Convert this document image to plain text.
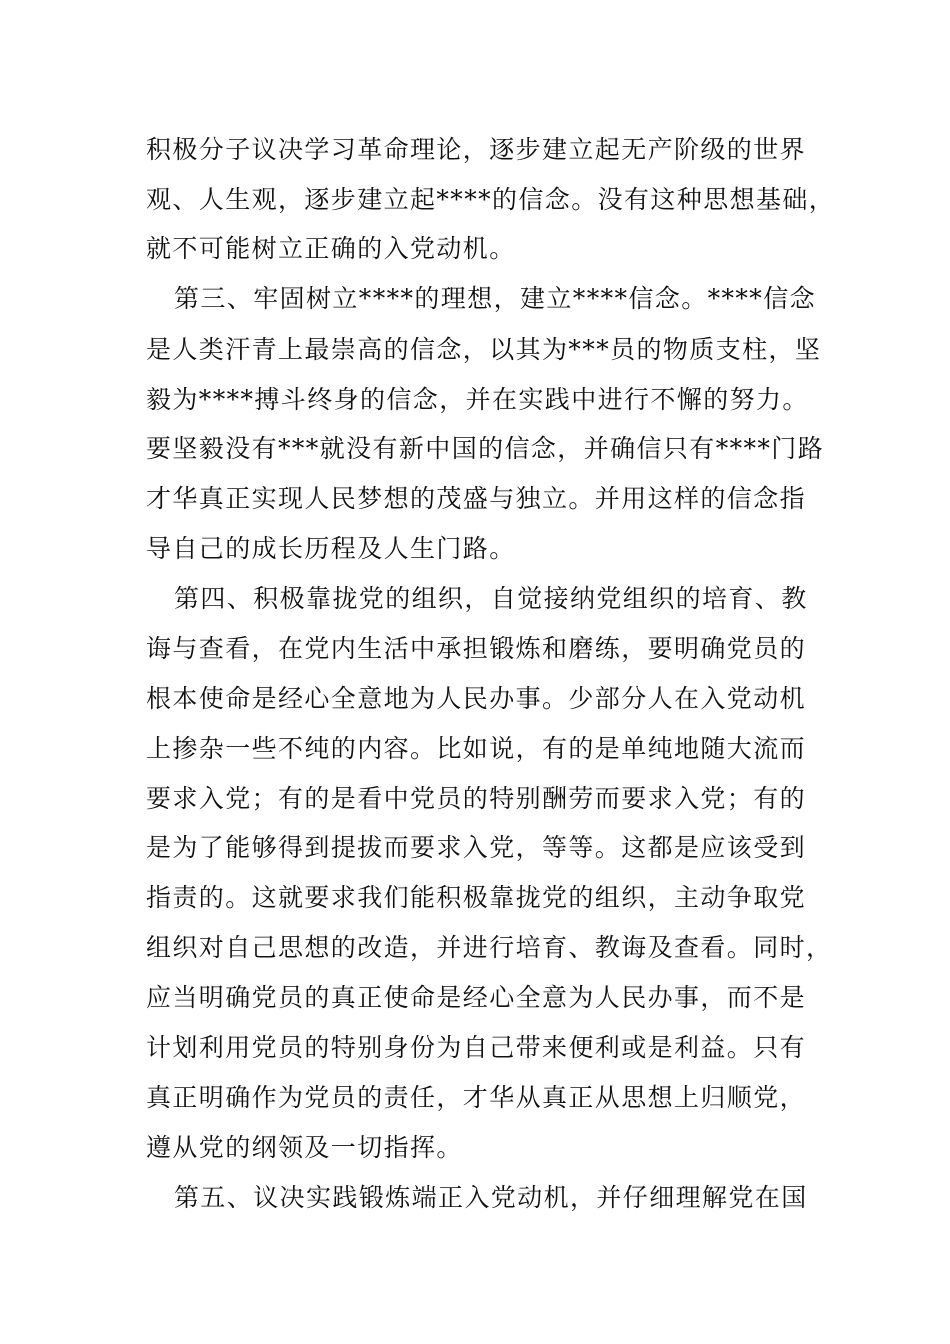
积极分子议决学习革命理论，逐步建立起无产阶级的世界
观、人生观，逐步建立起****的信念。没有这种思想基础，
就不可能树立正确的入党动机。
第三、牢固树立****的理想，建立****信念。****信念
是人类汗青上最崇高的信念，以其为***员的物质支柱，坚
毅为****搏斗终身的信念，并在实践中进行不懈的努力。
要坚毅没有***就没有新中国的信念，并确信只有****门路
才华真正实现人民梦想的茂盛与独立。并用这样的信念指
导自己的成长历程及人生门路。
第四、积极靠拢党的组织，自觉接纳党组织的培育、教
诲与查看，在党内生活中承担锻炼和磨练，要明确党员的
根本使命是经心全意地为人民办事。少部分人在入党动机
上掺杂一些不纯的内容。比如说，有的是单纯地随大流而
要求入党；有的是看中党员的特别酬劳而要求入党；有的
是为了能够得到提拔而要求入党，等等。这都是应该受到
指责的。这就要求我们能积极靠拢党的组织，主动争取党
组织对自己思想的改造，并进行培育、教诲及查看。同时，
应当明确党员的真正使命是经心全意为人民办事，而不是
计划利用党员的特别身份为自己带来便利或是利益。只有
真正明确作为党员的责任，才华从真正从思想上归顺党，
遵从党的纲领及一切指挥。
第五、议决实践锻炼端正入党动机，并仔细理解党在国
